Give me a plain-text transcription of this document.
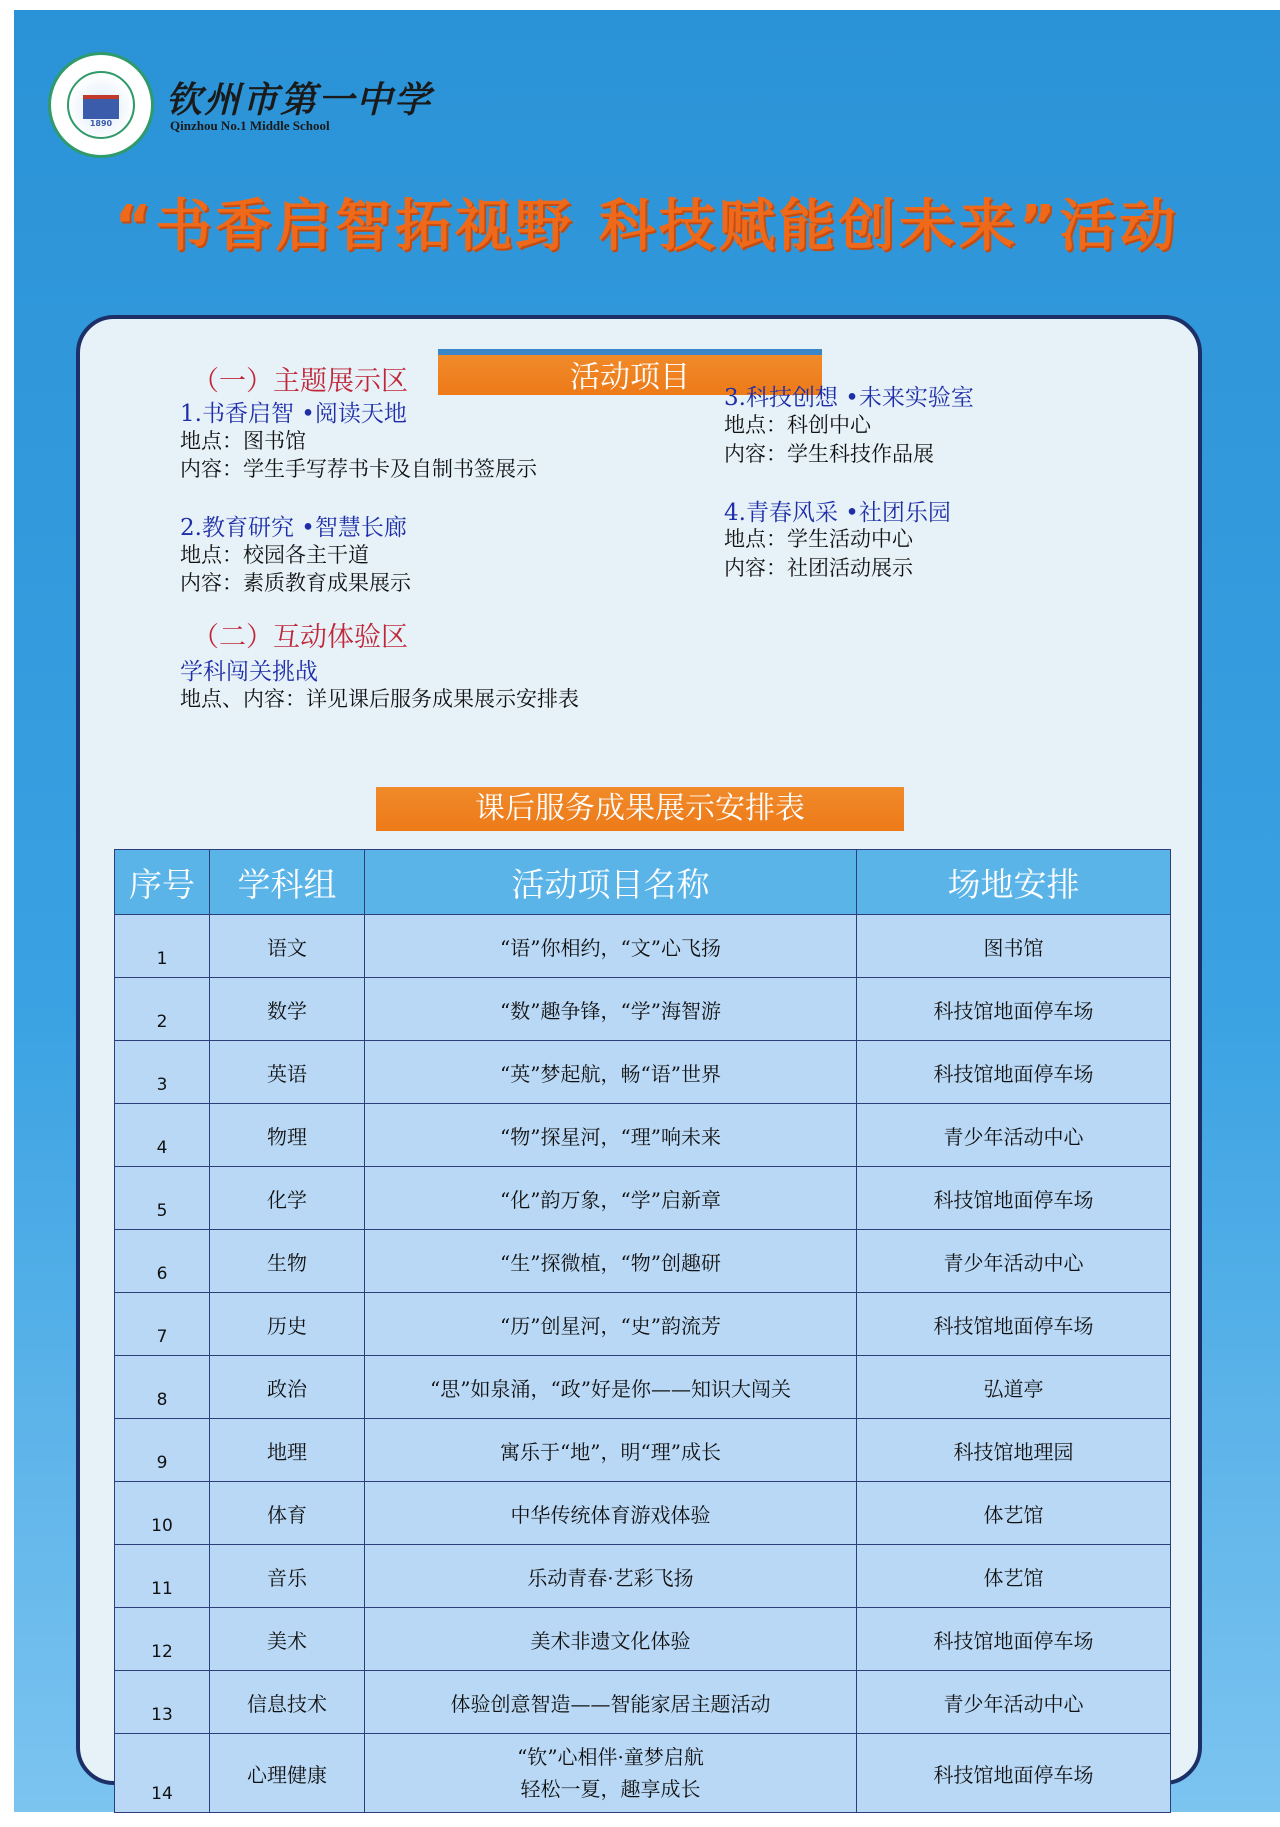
1890
钦州市第一中学
Qinzhou No.1 Middle School
“书香启智拓视野 科技赋能创未来”活动
活动项目
（一）主题展示区
1.书香启智 •阅读天地
地点：图书馆
内容：学生手写荐书卡及自制书签展示
2.教育研究 •智慧长廊
地点：校园各主干道
内容：素质教育成果展示
3.科技创想 •未来实验室
地点：科创中心
内容：学生科技作品展
4.青春风采 •社团乐园
地点：学生活动中心
内容：社团活动展示
（二）互动体验区
学科闯关挑战
地点、内容：详见课后服务成果展示安排表
课后服务成果展示安排表
序号	学科组	活动项目名称	场地安排
1	语文	“语”你相约，“文”心飞扬	图书馆
2	数学	“数”趣争锋，“学”海智游	科技馆地面停车场
3	英语	“英”梦起航，畅“语”世界	科技馆地面停车场
4	物理	“物”探星河，“理”响未来	青少年活动中心
5	化学	“化”韵万象，“学”启新章	科技馆地面停车场
6	生物	“生”探微植，“物”创趣研	青少年活动中心
7	历史	“历”创星河，“史”韵流芳	科技馆地面停车场
8	政治	“思”如泉涌，“政”好是你——知识大闯关	弘道亭
9	地理	寓乐于“地”，明“理”成长	科技馆地理园
10	体育	中华传统体育游戏体验	体艺馆
11	音乐	乐动青春·艺彩飞扬	体艺馆
12	美术	美术非遗文化体验	科技馆地面停车场
13	信息技术	体验创意智造——智能家居主题活动	青少年活动中心
14	心理健康	“钦”心相伴·童梦启航
轻松一夏，趣享成长	科技馆地面停车场
